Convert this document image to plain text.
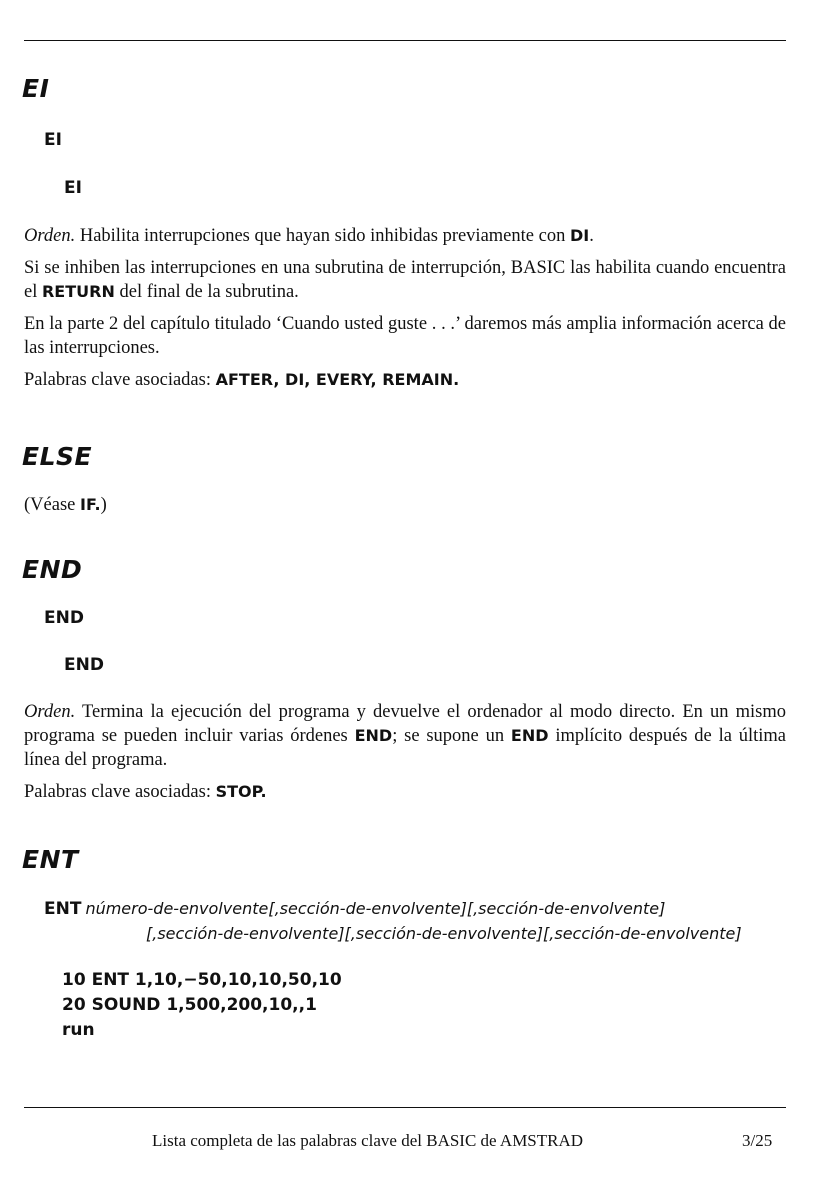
EI
EI
EI

Orden. Habilita interrupciones que hayan sido inhibidas previamente con DI.

Si se inhiben las interrupciones en una subrutina de interrupción, BASIC las habilita cuando encuentra el RETURN del final de la subrutina.

En la parte 2 del capítulo titulado ‘Cuando usted guste . . .’ daremos más amplia información acerca de las interrupciones.

Palabras clave asociadas: AFTER, DI, EVERY, REMAIN.

ELSE

(Véase IF.)

END
END
END

Orden. Termina la ejecución del programa y devuelve el ordenador al modo directo. En un mismo programa se pueden incluir varias órdenes END; se supone un END implícito después de la última línea del programa.

Palabras clave asociadas: STOP.

ENT
ENT número-de-envolvente[,sección-de-envolvente][,sección-de-envolvente]
[,sección-de-envolvente][,sección-de-envolvente][,sección-de-envolvente]
10 ENT 1,10,−50,10,10,50,10
20 SOUND 1,500,200,10,,1
run
Lista completa de las palabras clave del BASIC de AMSTRAD	3/25
